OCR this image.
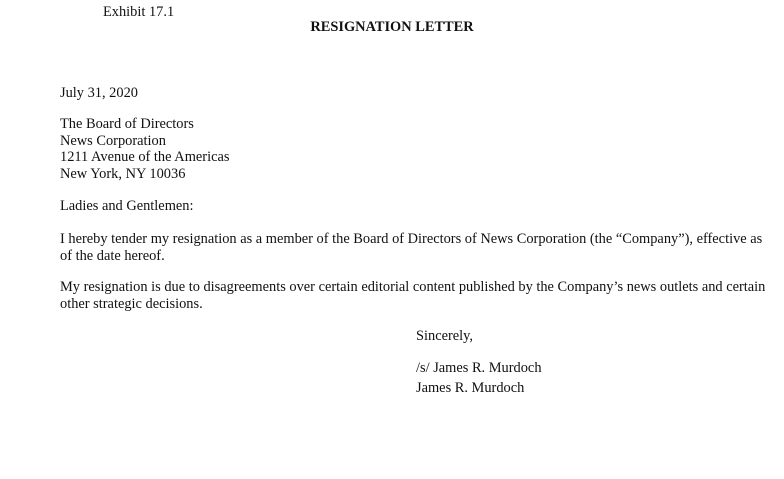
Exhibit 17.1
RESIGNATION LETTER
July 31, 2020
The Board of Directors
News Corporation
1211 Avenue of the Americas
New York, NY 10036
Ladies and Gentlemen:
I hereby tender my resignation as a member of the Board of Directors of News Corporation (the “Company”), effective as of the date hereof.
My resignation is due to disagreements over certain editorial content published by the Company’s news outlets and certain other strategic decisions.
Sincerely,
/s/ James R. Murdoch
James R. Murdoch
